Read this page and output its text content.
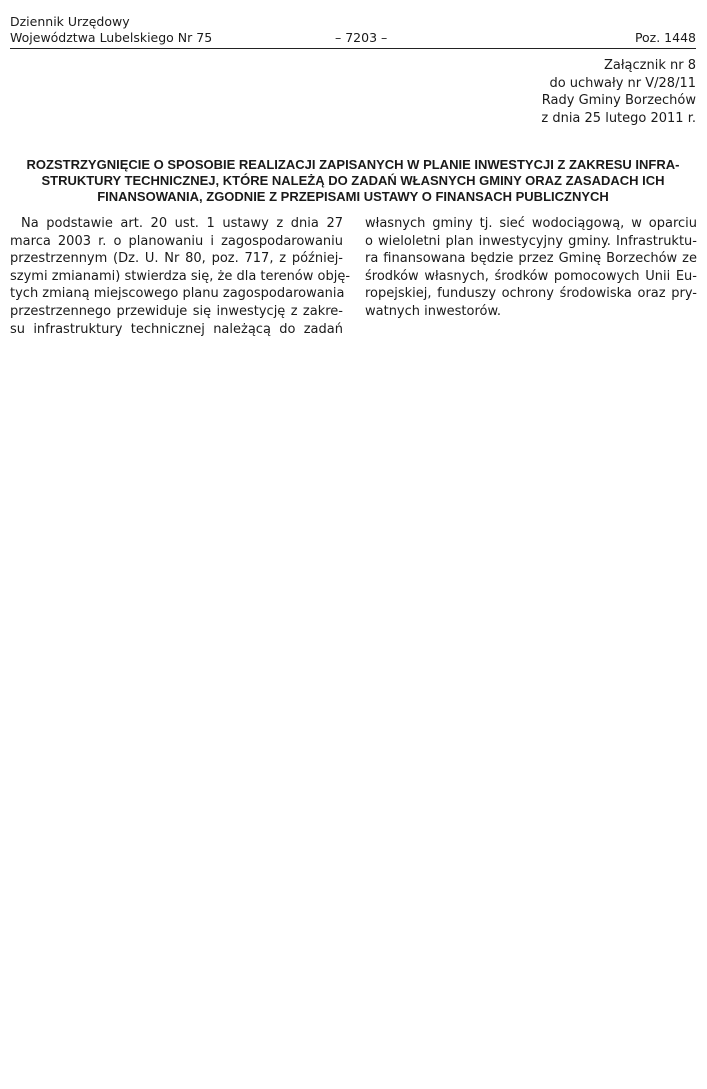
Dziennik Urzędowy
Województwa Lubelskiego Nr 75	– 7203 –	Poz. 1448
Załącznik nr 8
do uchwały nr V/28/11
Rady Gminy Borzechów
z dnia 25 lutego 2011 r.
ROZSTRZYGNIĘCIE O SPOSOBIE REALIZACJI ZAPISANYCH W PLANIE INWESTYCJI Z ZAKRESU INFRA-
STRUKTURY TECHNICZNEJ, KTÓRE NALEŻĄ DO ZADAŃ WŁASNYCH GMINY ORAZ ZASADACH ICH
FINANSOWANIA, ZGODNIE Z PRZEPISAMI USTAWY O FINANSACH PUBLICZNYCH
Na podstawie art. 20 ust. 1 ustawy z dnia 27
marca 2003 r. o planowaniu i zagospodarowaniu
przestrzennym (Dz. U. Nr 80, poz. 717, z później-
szymi zmianami) stwierdza się, że dla terenów obję-
tych zmianą miejscowego planu zagospodarowania
przestrzennego przewiduje się inwestycję z zakre-
su infrastruktury technicznej należącą do zadań
własnych gminy tj. sieć wodociągową, w oparciu
o wieloletni plan inwestycyjny gminy. Infrastruktu-
ra finansowana będzie przez Gminę Borzechów ze
środków własnych, środków pomocowych Unii Eu-
ropejskiej, funduszy ochrony środowiska oraz pry-
watnych inwestorów.
